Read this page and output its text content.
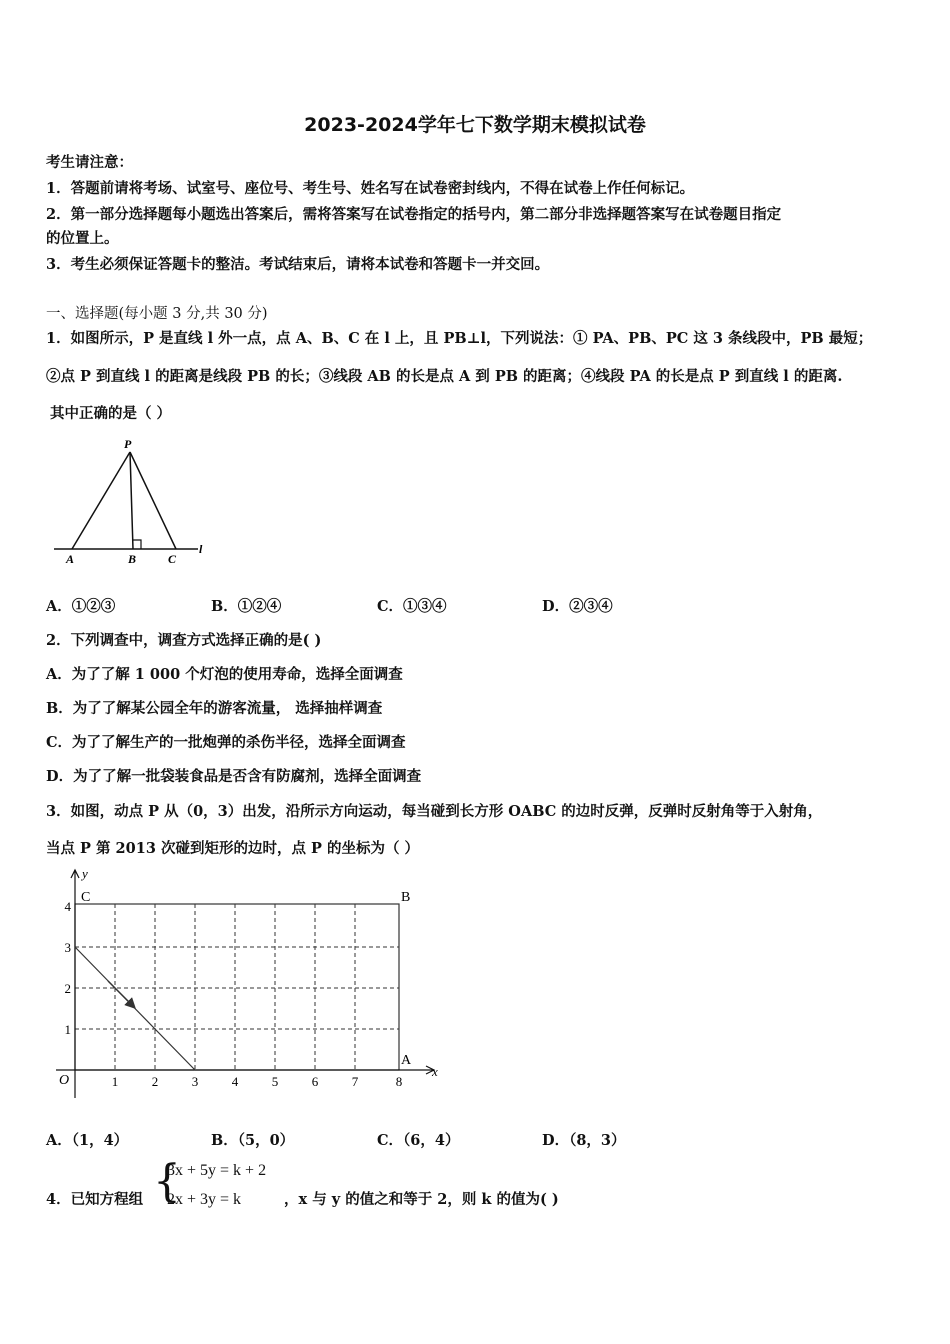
2023-2024学年七下数学期末模拟试卷
考生请注意：
1．答题前请将考场、试室号、座位号、考生号、姓名写在试卷密封线内，不得在试卷上作任何标记。
2．第一部分选择题每小题选出答案后，需将答案写在试卷指定的括号内，第二部分非选择题答案写在试卷题目指定
的位置上。
3．考生必须保证答题卡的整洁。考试结束后，请将本试卷和答题卡一并交回。
一、选择题(每小题 3 分,共 30 分)
1．如图所示，P 是直线 l 外一点，点 A、B、C 在 l 上，且 PB⊥l，下列说法：① PA、PB、PC 这 3 条线段中，PB 最短；
②点 P 到直线 l 的距离是线段 PB 的长；③线段 AB 的长是点 A 到 PB 的距离；④线段 PA 的长是点 P 到直线 l 的距离.
其中正确的是（ ）
P
A	B	C
l
A．①②③	B．①②④	C．①③④	D．②③④
2．下列调查中，调查方式选择正确的是( )
A．为了了解 1 000 个灯泡的使用寿命，选择全面调查
B．为了了解某公园全年的游客流量， 选择抽样调查
C．为了了解生产的一批炮弹的杀伤半径，选择全面调查
D．为了了解一批袋装食品是否含有防腐剂，选择全面调查
3．如图，动点 P 从（0，3）出发，沿所示方向运动，每当碰到长方形 OABC 的边时反弹，反弹时反射角等于入射角，
当点 P 第 2013 次碰到矩形的边时，点 P 的坐标为（ ）
y
x
O
C	B
A
1	2	3	4	5	6	7	8
1
2
3
4
A．（1，4）	B．（5，0）	C．（6，4）	D．（8，3）
4．已知方程组 {
3x + 5y = k + 2
2x + 3y = k	，x 与 y 的值之和等于 2，则 k 的值为( )
